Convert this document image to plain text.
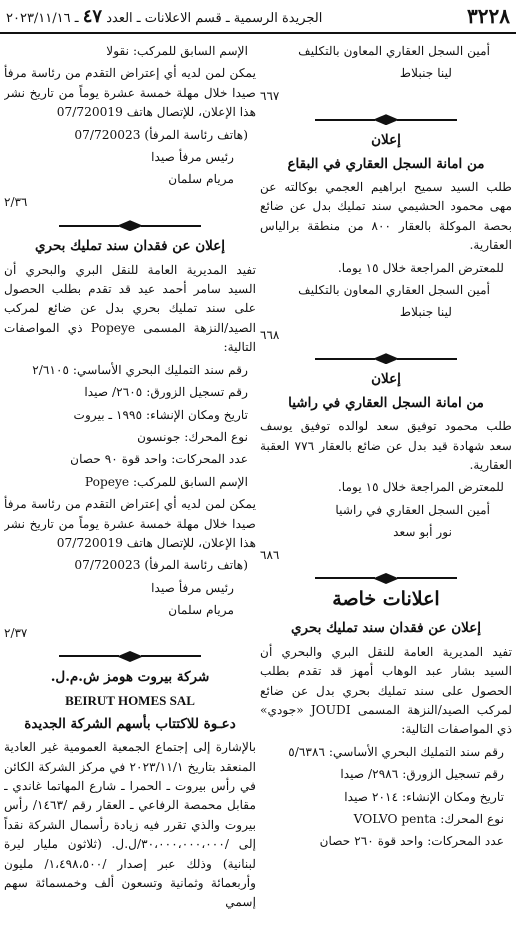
٣٢٢٨
الجريدة الرسمية ـ قسم الاعلانات ـ العدد ٤٧ ـ ٢٠٢٣/١١/١٦

أمين السجل العقاري المعاون بالتكليف

لينا جنبلاط

٦٦٧

إعلان
من امانة السجل العقاري في البقاع

طلب السيد سميح ابراهيم العجمي بوكالته عن مهى محمود الحشيمي سند تمليك بدل عن ضائع بحصة الموكلة بالعقار ٨٠٠ من منطقة برالياس العقارية.

للمعترض المراجعة خلال ١٥ يوما.

أمين السجل العقاري المعاون بالتكليف

لينا جنبلاط

٦٦٨

إعلان
من امانة السجل العقاري في راشيا

طلب محمود توفيق سعد لوالده توفيق يوسف سعد شهادة قيد بدل عن ضائع بالعقار ٧٧٦ العقبة العقارية.

للمعترض المراجعة خلال ١٥ يوما.

أمين السجل العقاري في راشيا

نور أبو سعد

٦٨٦

اعلانات خاصة
إعلان عن فقدان سند تمليك بحري

تفيد المديرية العامة للنقل البري والبحري أن السيد بشار عبد الوهاب أمهز قد تقدم بطلب الحصول على سند تمليك بحري بدل عن ضائع لمركب الصيد/النزهة المسمى JOUDI «جودي» ذي المواصفات التالية:

رقم سند التمليك البحري الأساسي: ٥/٦٣٨٦

رقم تسجيل الزورق: ٢٩٨٦/ صيدا

تاريخ ومكان الإنشاء: ٢٠١٤ صيدا

نوع المحرك: VOLVO penta

عدد المحركات: واحد قوة ٢٦٠ حصان

الإسم السابق للمركب: نقولا

يمكن لمن لديه أي إعتراض التقدم من رئاسة مرفأ صيدا خلال مهلة خمسة عشرة يوماً من تاريخ نشر هذا الإعلان، للإتصال هاتف 07/720019

(هاتف رئاسة المرفأ) 07/720023

رئيس مرفأ صيدا

مريام سلمان

٢/٣٦

إعلان عن فقدان سند تمليك بحري

تفيد المديرية العامة للنقل البري والبحري أن السيد سامر أحمد عيد قد تقدم بطلب الحصول على سند تمليك بحري بدل عن ضائع لمركب الصيد/النزهة المسمى Popeye ذي المواصفات التالية:

رقم سند التمليك البحري الأساسي: ٢/٦١٠٥

رقم تسجيل الزورق: ٢٦٠٥/ صيدا

تاريخ ومكان الإنشاء: ١٩٩٥ ـ بيروت

نوع المحرك: جونسون

عدد المحركات: واحد قوة ٩٠ حصان

الإسم السابق للمركب: Popeye

يمكن لمن لديه أي إعتراض التقدم من رئاسة مرفأ صيدا خلال مهلة خمسة عشرة يوماً من تاريخ نشر هذا الإعلان، للإتصال هاتف 07/720019

(هاتف رئاسة المرفأ) 07/720023

رئيس مرفأ صيدا

مريام سلمان

٢/٣٧

شركة بيروت هومز ش.م.ل.
BEIRUT HOMES SAL
دعـوة للاكتتاب بأسهم الشركة الجديدة

بالإشارة إلى إجتماع الجمعية العمومية غير العادية المنعقد بتاريخ ٢٠٢٣/١١/١ في مركز الشركة الكائن في رأس بيروت ـ الحمرا ـ شارع المهاتما غاندي ـ مقابل محمصة الرفاعي ـ العقار رقم /١٤٦٣/ رأس بيروت والذي تقرر فيه زيادة رأسمال الشركة نقداً إلى /٣٠،٠٠٠،٠٠٠،٠٠٠/ل.ل. (ثلاثون مليار ليرة لبنانية) وذلك عبر إصدار /١،٤٩٨،٥٠٠/ مليون وأربعمائة وثمانية وتسعون ألف وخمسمائة سهم إسمي
